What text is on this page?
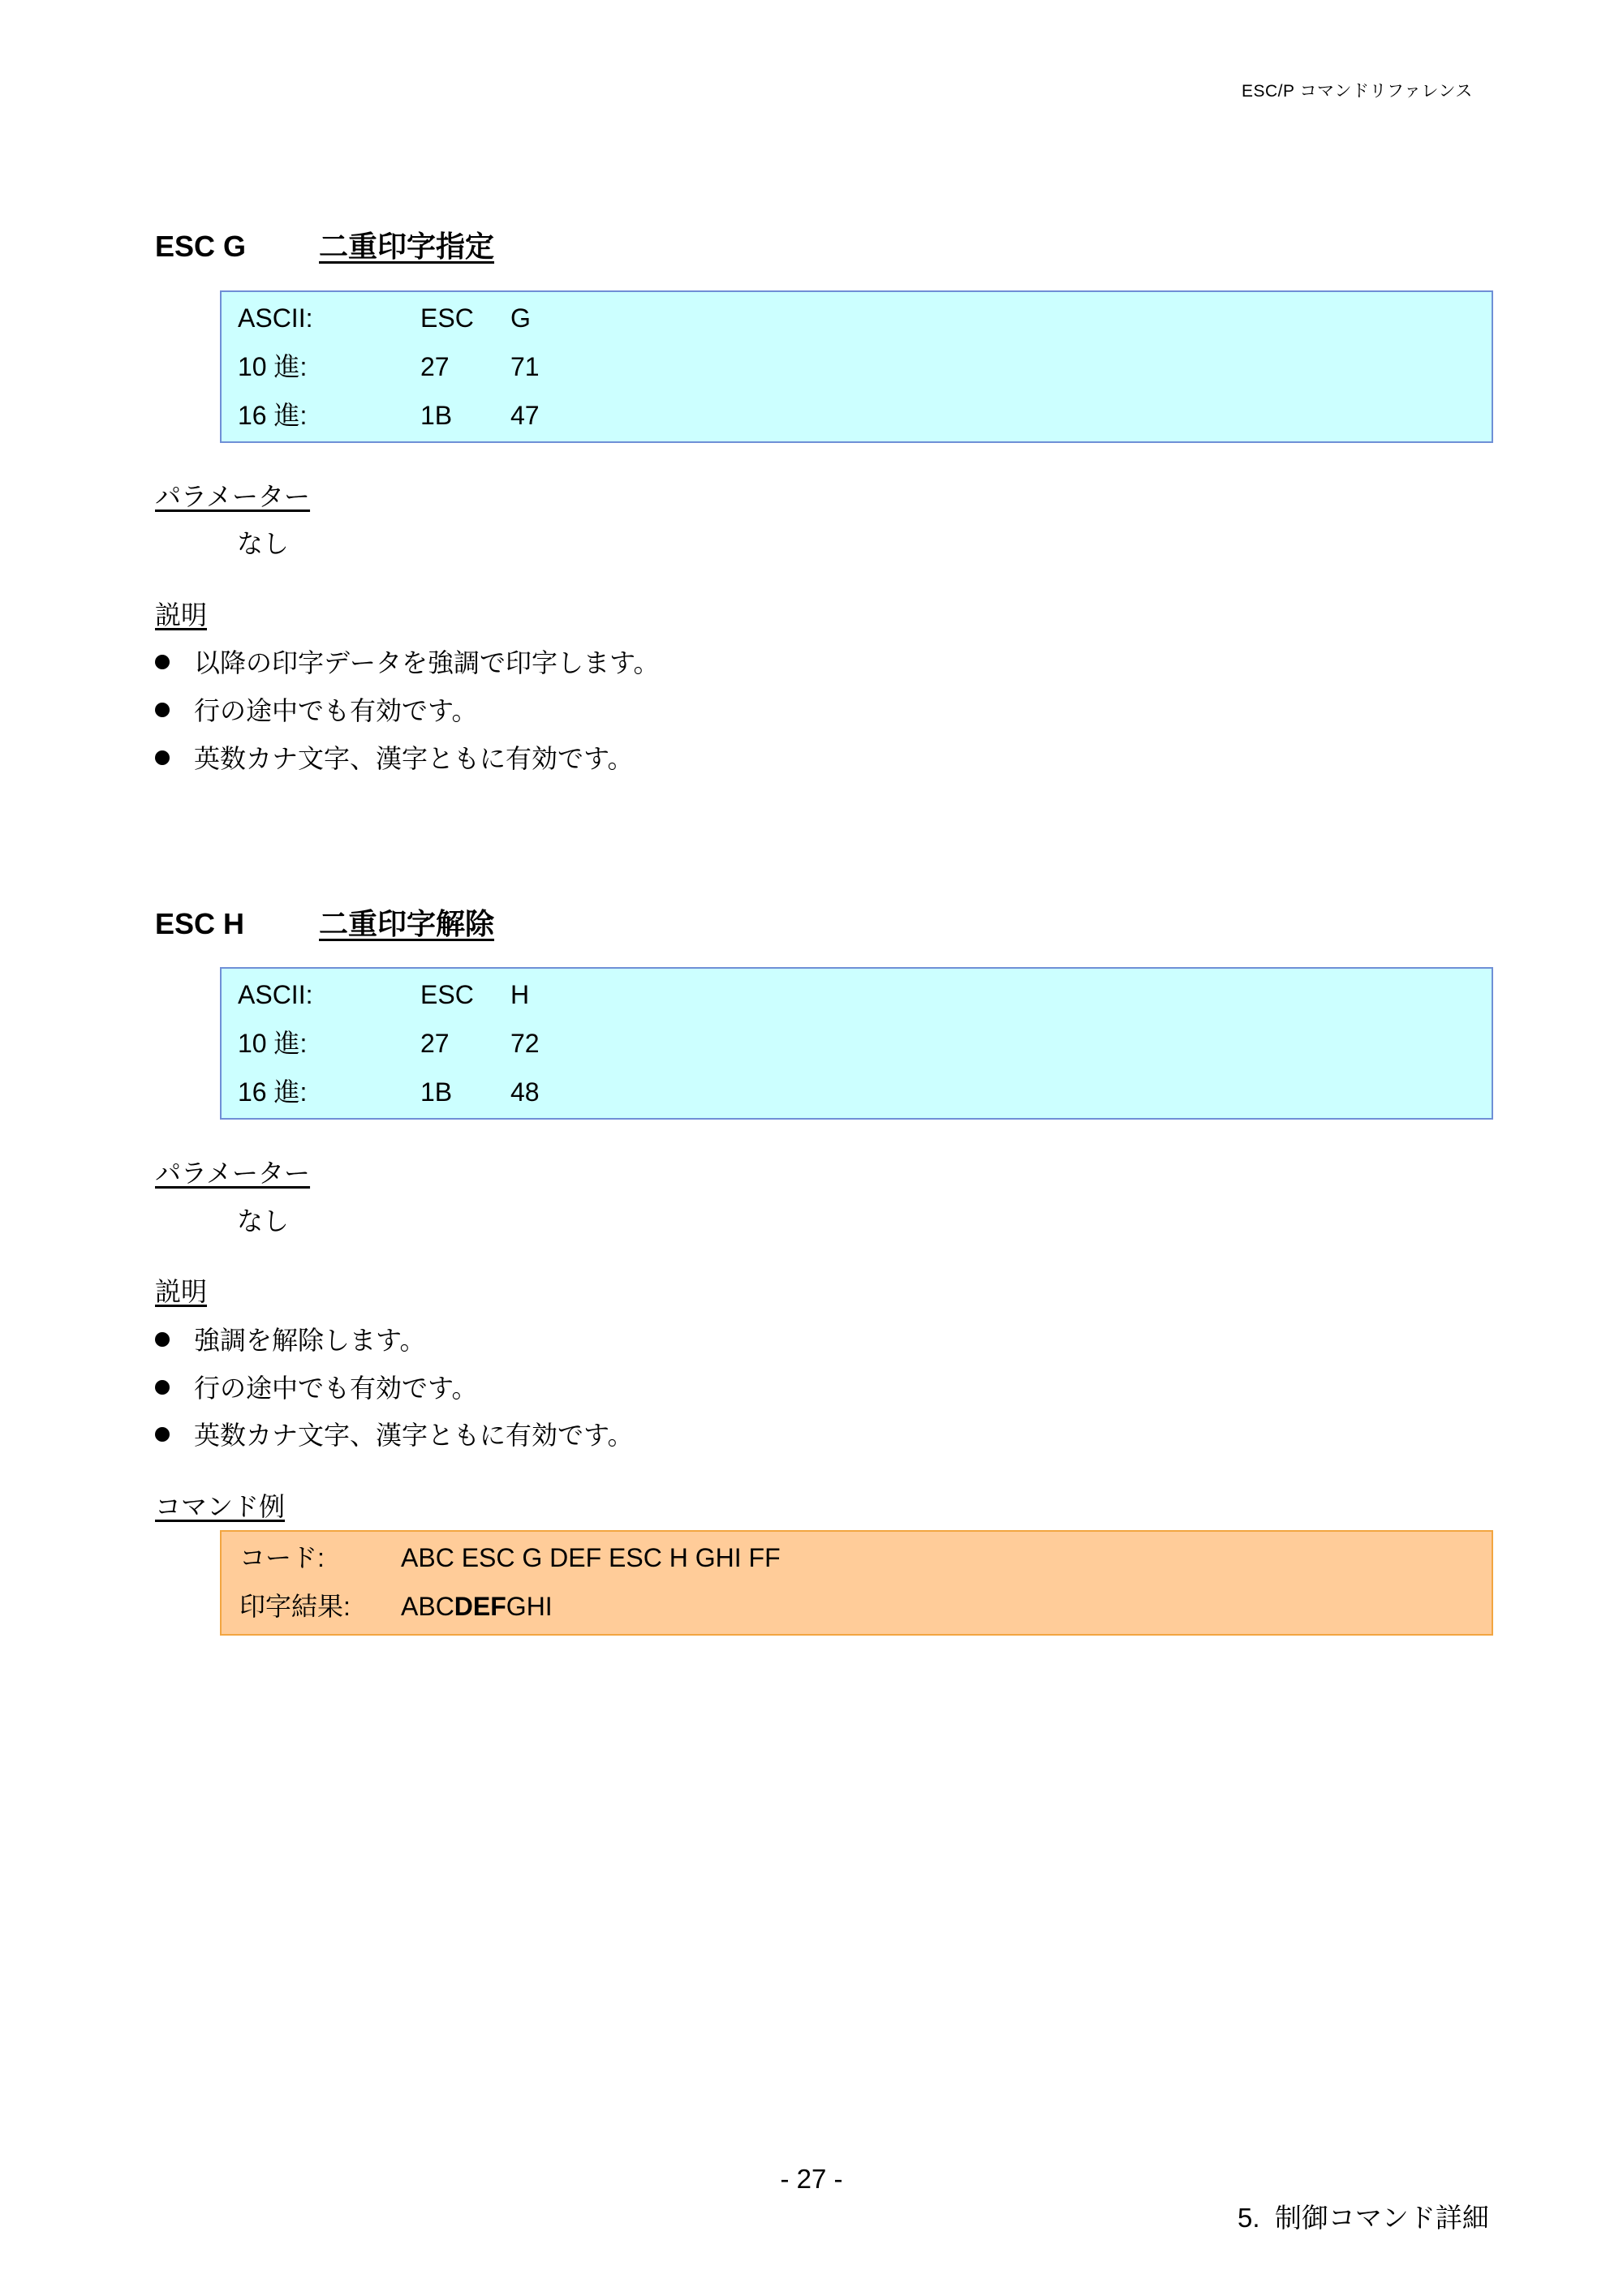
ESC/P コマンドリファレンス
ESC G 二重印字指定
ASCII:	ESC G
10 進:	27 71
16 進:	1B 47
パラメーター
なし
説明
以降の印字データを強調で印字します。
行の途中でも有効です。
英数カナ文字、漢字ともに有効です。
ESC H	二重印字解除
ASCII:	ESC H
10 進:	27 72
16 進:	1B 48
パラメーター
なし
説明
強調を解除します。
行の途中でも有効です。
英数カナ文字、漢字ともに有効です。
コマンド例
コード:	ABC ESC G DEF ESC H GHI FF
印字結果: ABCDEFGHI
- 27 -
5.  制御コマンド詳細
